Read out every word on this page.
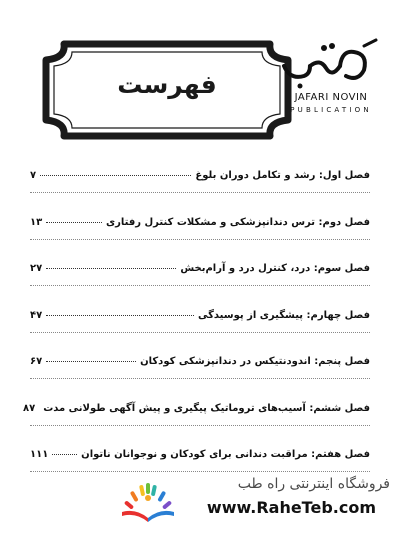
فهرست	JAFARI NOVIN
PUBLICATION
فصل اول: رشد و تکامل دوران بلوغ
۷
فصل دوم: ترس دندانپزشکی و مشکلات کنترل رفتاری
۱۳
فصل سوم: درد، کنترل درد و آرام‌بخش
۲۷
فصل چهارم: پیشگیری از پوسیدگی
۴۷
فصل پنجم: اندودنتیکس در دندانپزشکی کودکان
۶۷
فصل ششم: آسیب‌های تروماتیک پیگیری و پیش آگهی طولانی مدت
۸۷
فصل هفتم: مراقبت دندانی برای کودکان و نوجوانان ناتوان
۱۱۱
فروشگاه اینترنتی راه طب
www.RaheTeb.com
